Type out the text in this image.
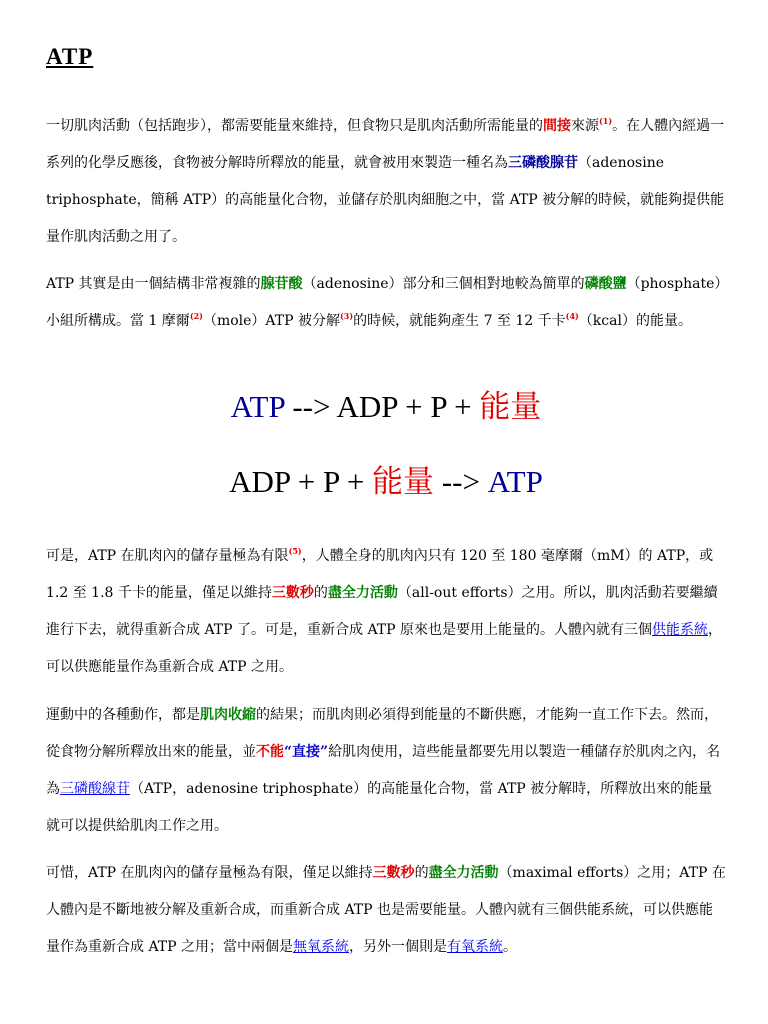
ATP

一切肌肉活動（包括跑步），都需要能量來維持，但食物只是肌肉活動所需能量的間接來源$^{(1)}$。在人體內經過一系列的化學反應後，食物被分解時所釋放的能量，就會被用來製造一種名為三磷酸腺苷（adenosine triphosphate，簡稱 ATP）的高能量化合物，並儲存於肌肉細胞之中，當 ATP 被分解的時候，就能夠提供能量作肌肉活動之用了。

ATP 其實是由一個結構非常複雜的腺苷酸（adenosine）部分和三個相對地較為簡單的磷酸鹽（phosphate）小組所構成。當 1 摩爾$^{(2)}$（mole）ATP 被分解$^{(3)}$的時候，就能夠產生 7 至 12 千卡$^{(4)}$（kcal）的能量。

ATP --> ADP + P + 能量
ADP + P + 能量 --> ATP

可是，ATP 在肌肉內的儲存量極為有限$^{(5)}$，人體全身的肌肉內只有 120 至 180 毫摩爾（mM）的 ATP，或 1.2 至 1.8 千卡的能量，僅足以維持三數秒的盡全力活動（all-out efforts）之用。所以，肌肉活動若要繼續進行下去，就得重新合成 ATP 了。可是，重新合成 ATP 原來也是要用上能量的。人體內就有三個供能系統，可以供應能量作為重新合成 ATP 之用。

運動中的各種動作，都是肌肉收縮的結果；而肌肉則必須得到能量的不斷供應，才能夠一直工作下去。然而，從食物分解所釋放出來的能量，並不能“直接”給肌肉使用，這些能量都要先用以製造一種儲存於肌肉之內，名為三磷酸線苷（ATP，adenosine triphosphate）的高能量化合物，當 ATP 被分解時，所釋放出來的能量就可以提供給肌肉工作之用。

可惜，ATP 在肌肉內的儲存量極為有限，僅足以維持三數秒的盡全力活動（maximal efforts）之用；ATP 在人體內是不斷地被分解及重新合成，而重新合成 ATP 也是需要能量。人體內就有三個供能系統，可以供應能量作為重新合成 ATP 之用；當中兩個是無氧系統，另外一個則是有氧系統。
